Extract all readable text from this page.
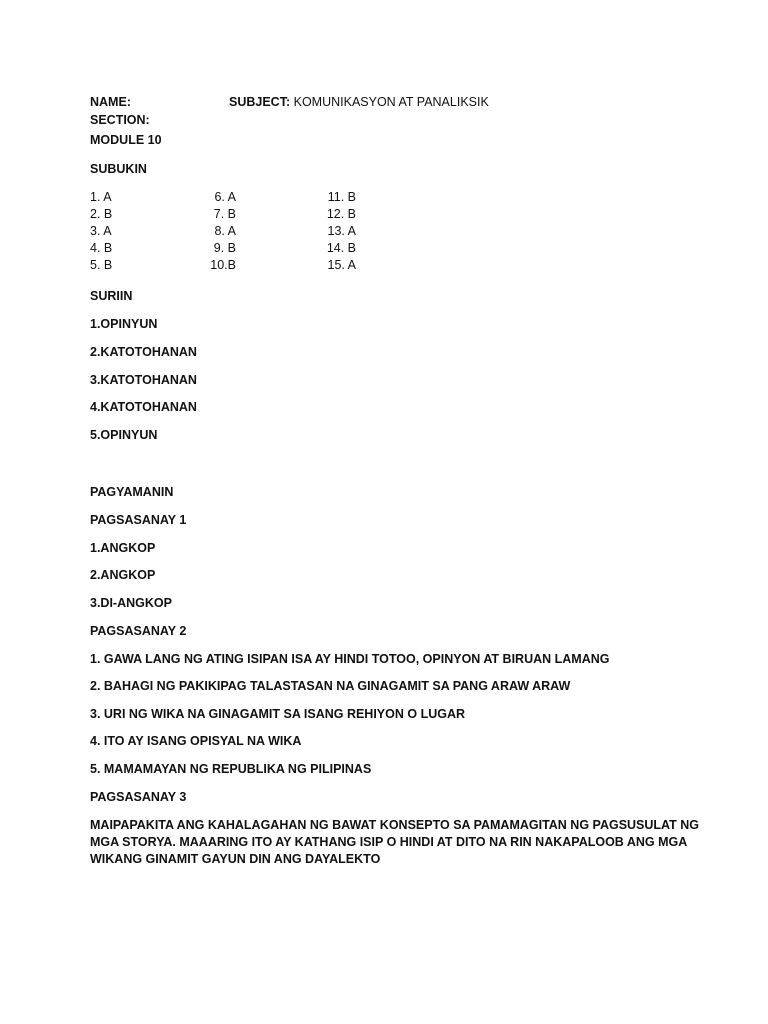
NAME:	SUBJECT: KOMUNIKASYON AT PANALIKSIK
SECTION:
MODULE 10
SUBUKIN
1. A
2. B
3. A
4. B
5. B
6. A
7. B
8. A
9. B
10.B
11. B
12. B
13. A
14. B
15. A
SURIIN
1.OPINYUN
2.KATOTOHANAN
3.KATOTOHANAN
4.KATOTOHANAN
5.OPINYUN
PAGYAMANIN
PAGSASANAY 1
1.ANGKOP
2.ANGKOP
3.DI-ANGKOP
PAGSASANAY 2
1. GAWA LANG NG ATING ISIPAN ISA AY HINDI TOTOO, OPINYON AT BIRUAN LAMANG
2. BAHAGI NG PAKIKIPAG TALASTASAN NA GINAGAMIT SA PANG ARAW ARAW
3. URI NG WIKA NA GINAGAMIT SA ISANG REHIYON O LUGAR
4. ITO AY ISANG OPISYAL NA WIKA
5. MAMAMAYAN NG REPUBLIKA NG PILIPINAS
PAGSASANAY 3
MAIPAPAKITA ANG KAHALAGAHAN NG BAWAT KONSEPTO SA PAMAMAGITAN NG PAGSUSULAT NG
MGA STORYA. MAAARING ITO AY KATHANG ISIP O HINDI AT DITO NA RIN NAKAPALOOB ANG MGA
WIKANG GINAMIT GAYUN DIN ANG DAYALEKTO
